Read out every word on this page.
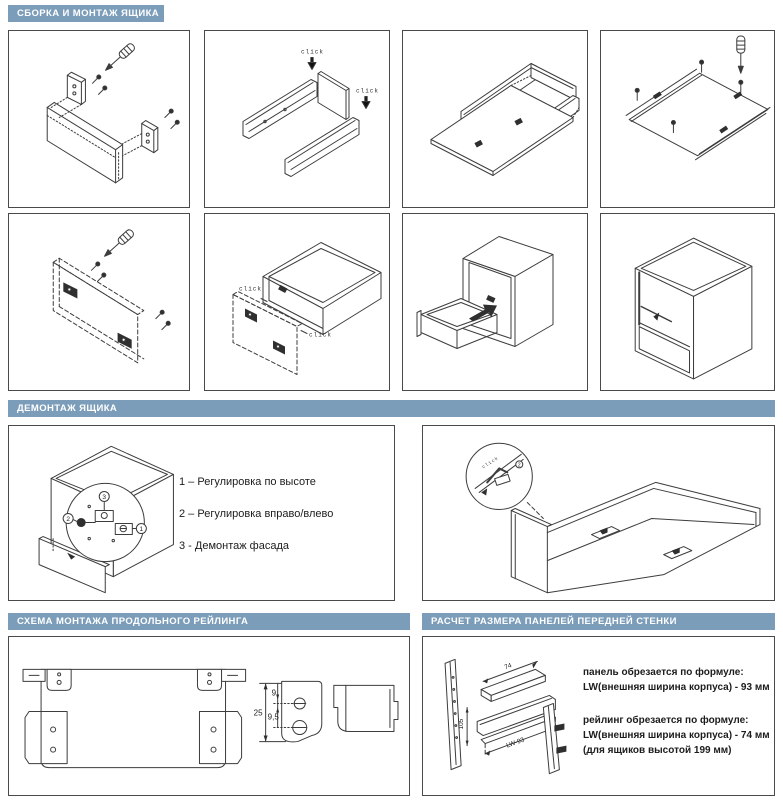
СБОРКА И МОНТАЖ ЯЩИКА
click
click
click
click
ДЕМОНТАЖ ЯЩИКА
3
2
1
1 – Регулировка по высоте
2 – Регулировка вправо/влево
3 - Демонтаж фасада
click	2
СХЕМА МОНТАЖА ПРОДОЛЬНОГО РЕЙЛИНГА
25
9
9,5
РАСЧЕТ РАЗМЕРА ПАНЕЛЕЙ ПЕРЕДНЕЙ СТЕНКИ
74
105
LW-93
панель обрезается по формуле:
LW(внешняя ширина корпуса) - 93 мм
рейлинг обрезается по формуле:
LW(внешняя ширина корпуса) - 74 мм
(для ящиков высотой 199 мм)
